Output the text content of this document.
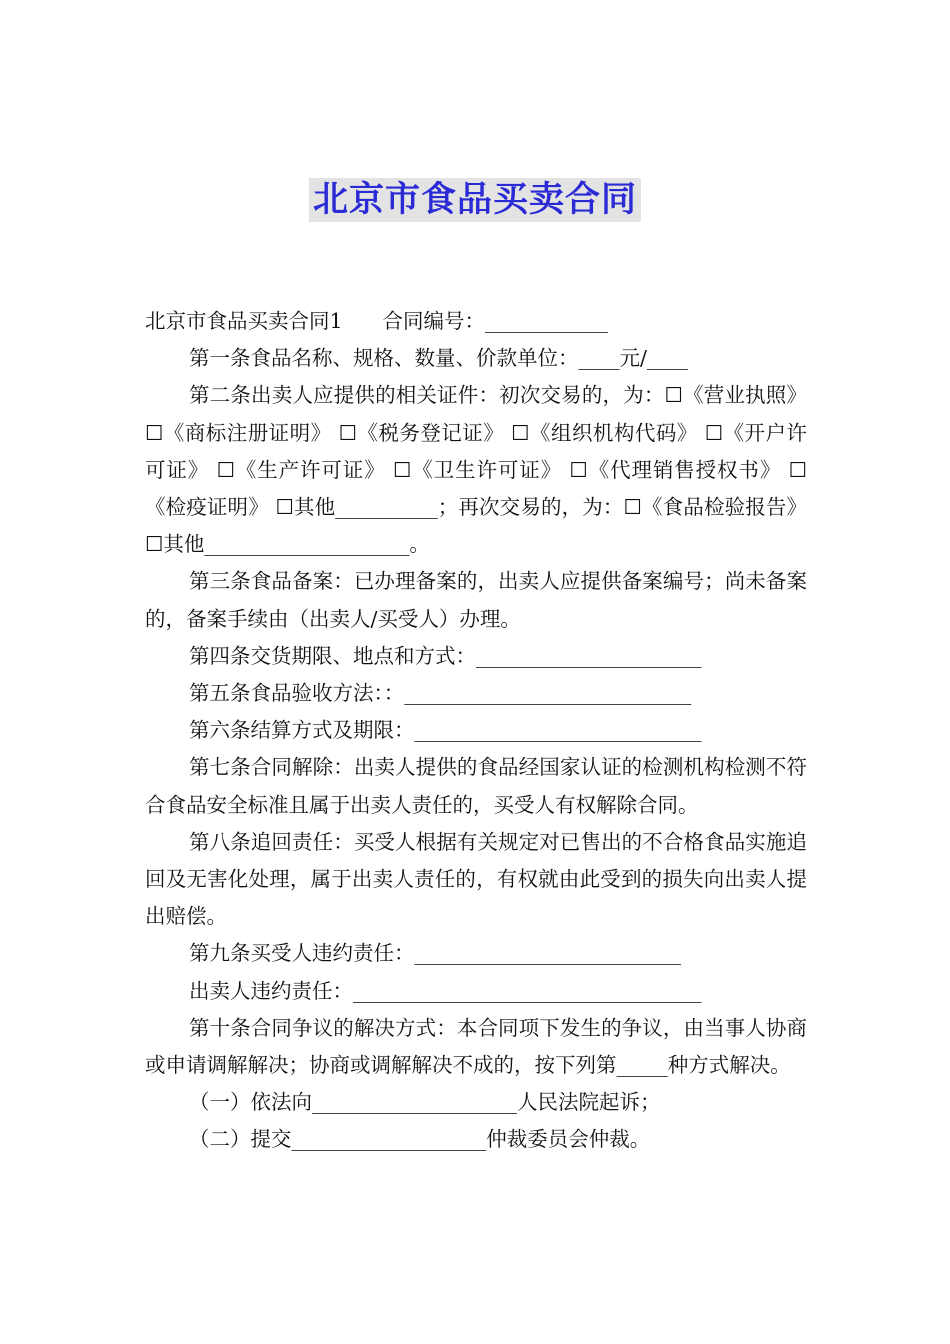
北京市食品买卖合同

北京市食品买卖合同1 合同编号：____________

第一条食品名称、规格、数量、价款单位：____元/____

第二条出卖人应提供的相关证件：初次交易的，为：☐《营业执照》 ☐《商标注册证明》 ☐《税务登记证》 ☐《组织机构代码》 ☐《开户许可证》 ☐《生产许可证》 ☐《卫生许可证》 ☐《代理销售授权书》 ☐《检疫证明》 ☐其他__________；再次交易的，为：☐《食品检验报告》 ☐其他____________________。

第三条食品备案：已办理备案的，出卖人应提供备案编号；尚未备案的，备案手续由（出卖人/买受人）办理。

第四条交货期限、地点和方式：______________________

第五条食品验收方法：：____________________________

第六条结算方式及期限：____________________________

第七条合同解除：出卖人提供的食品经国家认证的检测机构检测不符合食品安全标准且属于出卖人责任的，买受人有权解除合同。

第八条追回责任：买受人根据有关规定对已售出的不合格食品实施追回及无害化处理，属于出卖人责任的，有权就由此受到的损失向出卖人提出赔偿。

第九条买受人违约责任：__________________________

出卖人违约责任：__________________________________

第十条合同争议的解决方式：本合同项下发生的争议，由当事人协商或申请调解解决；协商或调解解决不成的，按下列第_____种方式解决。

（一）依法向____________________人民法院起诉；

（二）提交___________________仲裁委员会仲裁。
